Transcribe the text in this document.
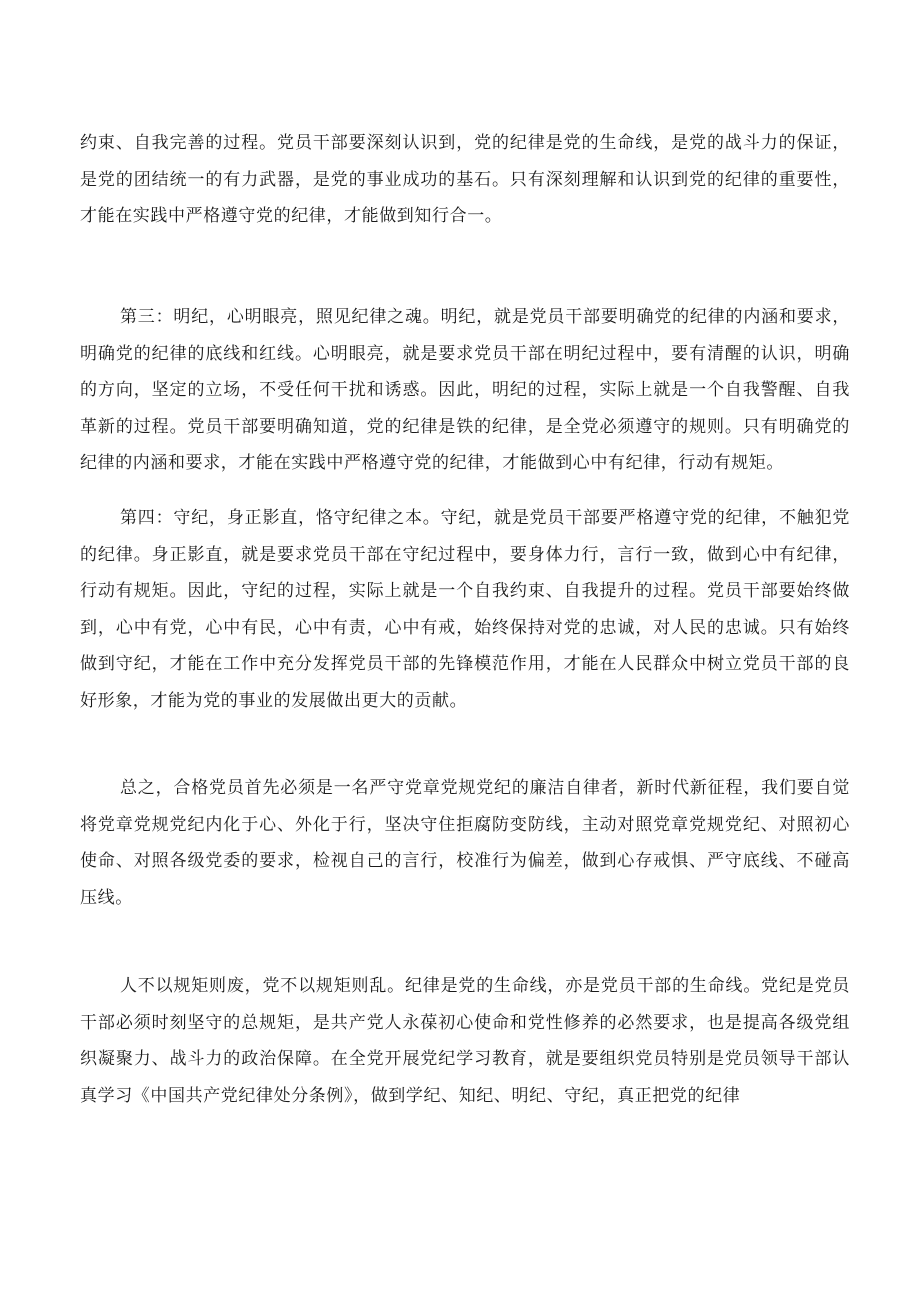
约束、自我完善的过程。党员干部要深刻认识到，党的纪律是党的生命线，是党的战斗力的保证，是党的团结统一的有力武器，是党的事业成功的基石。只有深刻理解和认识到党的纪律的重要性，才能在实践中严格遵守党的纪律，才能做到知行合一。

第三：明纪，心明眼亮，照见纪律之魂。明纪，就是党员干部要明确党的纪律的内涵和要求，明确党的纪律的底线和红线。心明眼亮，就是要求党员干部在明纪过程中，要有清醒的认识，明确的方向，坚定的立场，不受任何干扰和诱惑。因此，明纪的过程，实际上就是一个自我警醒、自我革新的过程。党员干部要明确知道，党的纪律是铁的纪律，是全党必须遵守的规则。只有明确党的纪律的内涵和要求，才能在实践中严格遵守党的纪律，才能做到心中有纪律，行动有规矩。

第四：守纪，身正影直，恪守纪律之本。守纪，就是党员干部要严格遵守党的纪律，不触犯党的纪律。身正影直，就是要求党员干部在守纪过程中，要身体力行，言行一致，做到心中有纪律，行动有规矩。因此，守纪的过程，实际上就是一个自我约束、自我提升的过程。党员干部要始终做到，心中有党，心中有民，心中有责，心中有戒，始终保持对党的忠诚，对人民的忠诚。只有始终做到守纪，才能在工作中充分发挥党员干部的先锋模范作用，才能在人民群众中树立党员干部的良好形象，才能为党的事业的发展做出更大的贡献。

总之，合格党员首先必须是一名严守党章党规党纪的廉洁自律者，新时代新征程，我们要自觉将党章党规党纪内化于心、外化于行，坚决守住拒腐防变防线，主动对照党章党规党纪、对照初心使命、对照各级党委的要求，检视自己的言行，校准行为偏差，做到心存戒惧、严守底线、不碰高压线。

人不以规矩则废，党不以规矩则乱。纪律是党的生命线，亦是党员干部的生命线。党纪是党员干部必须时刻坚守的总规矩，是共产党人永葆初心使命和党性修养的必然要求，也是提高各级党组织凝聚力、战斗力的政治保障。在全党开展党纪学习教育，就是要组织党员特别是党员领导干部认真学习《中国共产党纪律处分条例》，做到学纪、知纪、明纪、守纪，真正把党的纪律
